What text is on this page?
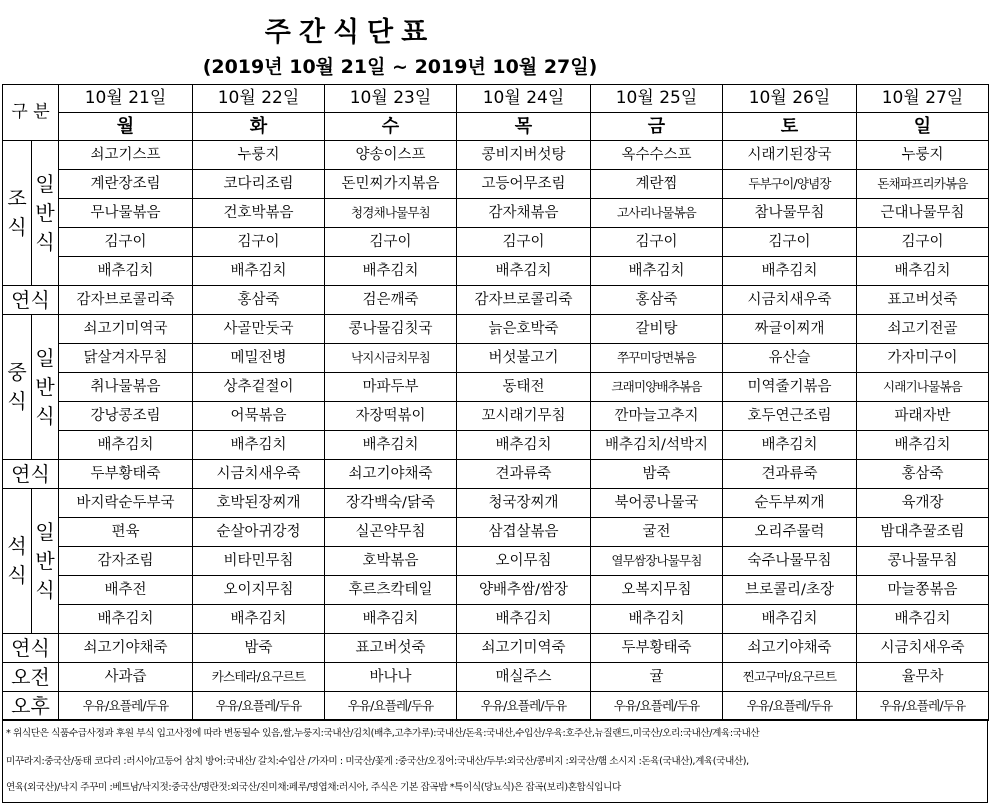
주간식단표
(2019년 10월 21일 ~ 2019년 10월 27일)
구 분		10월 21일	10월 22일	10월 23일	10월 24일	10월 25일	10월 26일	10월 27일
		월	화	수	목	금	토	일
조식	일반식	쇠고기스프	누룽지	양송이스프	콩비지버섯탕	옥수수스프	시래기된장국	누룽지
		계란장조림	코다리조림	돈민찌가지볶음	고등어무조림	계란찜	두부구이/양념장	돈채파프리카볶음
		무나물볶음	건호박볶음	청경채나물무침	감자채볶음	고사리나물볶음	참나물무침	근대나물무침
		김구이	김구이	김구이	김구이	김구이	김구이	김구이
		배추김치	배추김치	배추김치	배추김치	배추김치	배추김치	배추김치
연식		감자브로콜리죽	홍삼죽	검은깨죽	감자브로콜리죽	홍삼죽	시금치새우죽	표고버섯죽
중식	일반식	쇠고기미역국	사골만둣국	콩나물김칫국	늙은호박죽	갈비탕	짜글이찌개	쇠고기전골
		닭살겨자무침	메밀전병	낙지시금치무침	버섯불고기	쭈꾸미당면볶음	유산슬	가자미구이
		취나물볶음	상추겉절이	마파두부	동태전	크래미양배추볶음	미역줄기볶음	시래기나물볶음
		강낭콩조림	어묵볶음	자장떡볶이	꼬시래기무침	깐마늘고추지	호두연근조림	파래자반
		배추김치	배추김치	배추김치	배추김치	배추김치/석박지	배추김치	배추김치
연식		두부황태죽	시금치새우죽	쇠고기야채죽	견과류죽	밤죽	견과류죽	홍삼죽
석식	일반식	바지락순두부국	호박된장찌개	장각백숙/닭죽	청국장찌개	북어콩나물국	순두부찌개	육개장
		편육	순살아귀강정	실곤약무침	삼겹살볶음	굴전	오리주물럭	밤대추꿀조림
		감자조림	비타민무침	호박볶음	오이무침	열무쌈장나물무침	숙주나물무침	콩나물무침
		배추전	오이지무침	후르츠칵테일	양배추쌈/쌈장	오복지무침	브로콜리/초장	마늘쫑볶음
		배추김치	배추김치	배추김치	배추김치	배추김치	배추김치	배추김치
연식		쇠고기야채죽	밤죽	표고버섯죽	쇠고기미역죽	두부황태죽	쇠고기야채죽	시금치새우죽
오전		사과즙	카스테라/요구르트	바나나	매실주스	귤	찐고구마/요구르트	율무차
오후		우유/요플레/두유	우유/요플레/두유	우유/요플레/두유	우유/요플레/두유	우유/요플레/두유	우유/요플레/두유	우유/요플레/두유
* 위식단은 식품수급사정과 후원 부식 입고사정에 따라 변동될수 있음,쌀,누룽지:국내산/김치(배추,고추가루):국내산/돈육:국내산,수입산/우육:호주산,뉴질랜드,미국산/오리:국내산/계육:국내산
미꾸라지:중국산/동태 코다리 :러시아/고등어 삼치 방어:국내산/ 갈치:수입산 /가자미 : 미국산/꽃게 :중국산/오징어:국내산/두부:외국산/콩비지 :외국산/햄 소시지 :돈육(국내산),계육(국내산),
연육(외국산)/낙지 주꾸미 :베트남/낙지젓:중국산/명란젓:외국산/진미채:페루/명엽채:러시아, 주식은 기본 잡곡밥 *특이식(당뇨식)은 잡곡(보리)혼합식입니다
